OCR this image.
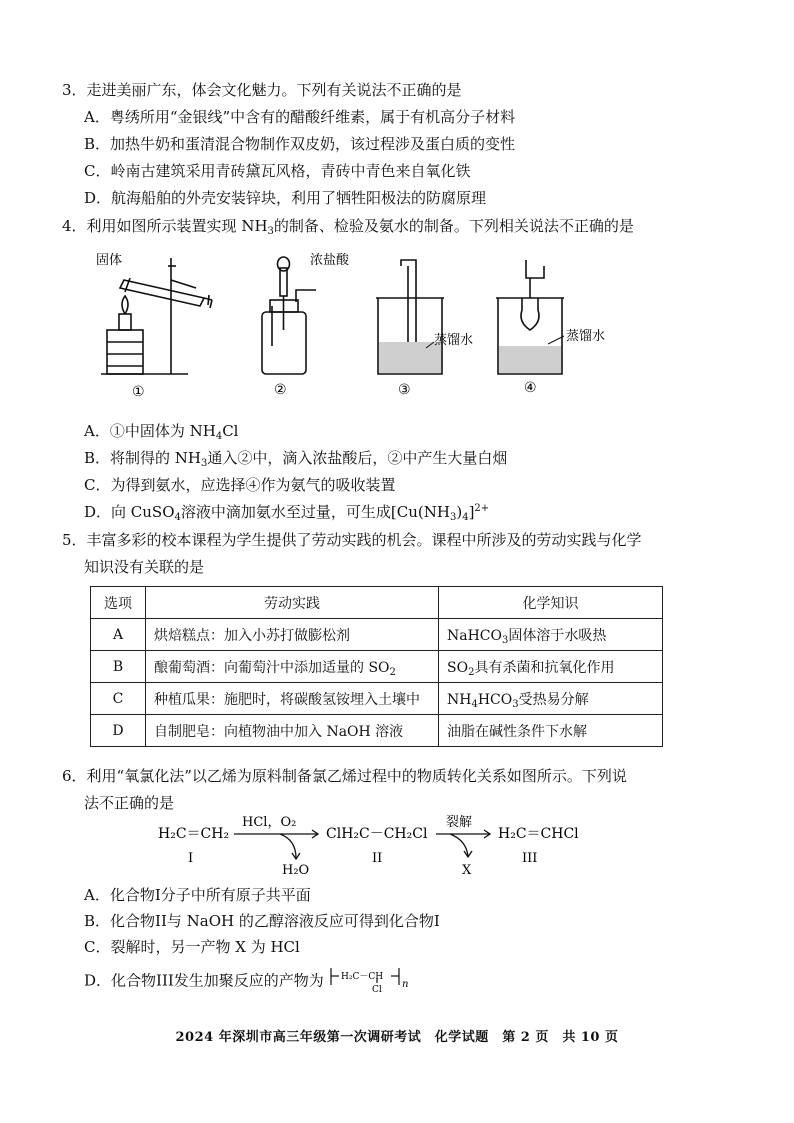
3．走进美丽广东，体会文化魅力。下列有关说法不正确的是
A．粤绣所用“金银线”中含有的醋酸纤维素，属于有机高分子材料
B．加热牛奶和蛋清混合物制作双皮奶，该过程涉及蛋白质的变性
C．岭南古建筑采用青砖黛瓦风格，青砖中青色来自氧化铁
D．航海船舶的外壳安装锌块，利用了牺牲阳极法的防腐原理
4．利用如图所示装置实现 $NH_3$的制备、检验及氨水的制备。下列相关说法不正确的是
固体	浓盐酸
蒸馏水	蒸馏水
①	②	③	④
A．①中固体为 $NH_4Cl$
B．将制得的 $NH_3$通入②中，滴入浓盐酸后，②中产生大量白烟
C．为得到氨水，应选择④作为氨气的吸收装置
D．向 CuSO$_4$溶液中滴加氨水至过量，可生成$[Cu(NH_3)_4]^{2+}$
5．丰富多彩的校本课程为学生提供了劳动实践的机会。课程中所涉及的劳动实践与化学
知识没有关联的是
选项	劳动实践	化学知识
A	烘焙糕点：加入小苏打做膨松剂	NaHCO$_3$固体溶于水吸热
B	酿葡萄酒：向葡萄汁中添加适量的 $SO_2$	$SO_2$具有杀菌和抗氧化作用
C	种植瓜果：施肥时，将碳酸氢铵埋入土壤中	$NH_4HCO_3$受热易分解
D	自制肥皂：向植物油中加入 NaOH 溶液	油脂在碱性条件下水解
6．利用“氧氯化法”以乙烯为原料制备氯乙烯过程中的物质转化关系如图所示。下列说
法不正确的是
H₂C＝CH₂
I
HCl，O₂
H₂O
ClH₂C－CH₂Cl
II
裂解
X
H₂C＝CHCl
III
A．化合物I分子中所有原子共平面
B．化合物II与 NaOH 的乙醇溶液反应可得到化合物I
C．裂解时，另一产物 X 为 HCl
D．化合物III发生加聚反应的产物为 H₂C－CH
Cl n
2024 年深圳市高三年级第一次调研考试　化学试题　第 2 页　共 10 页
